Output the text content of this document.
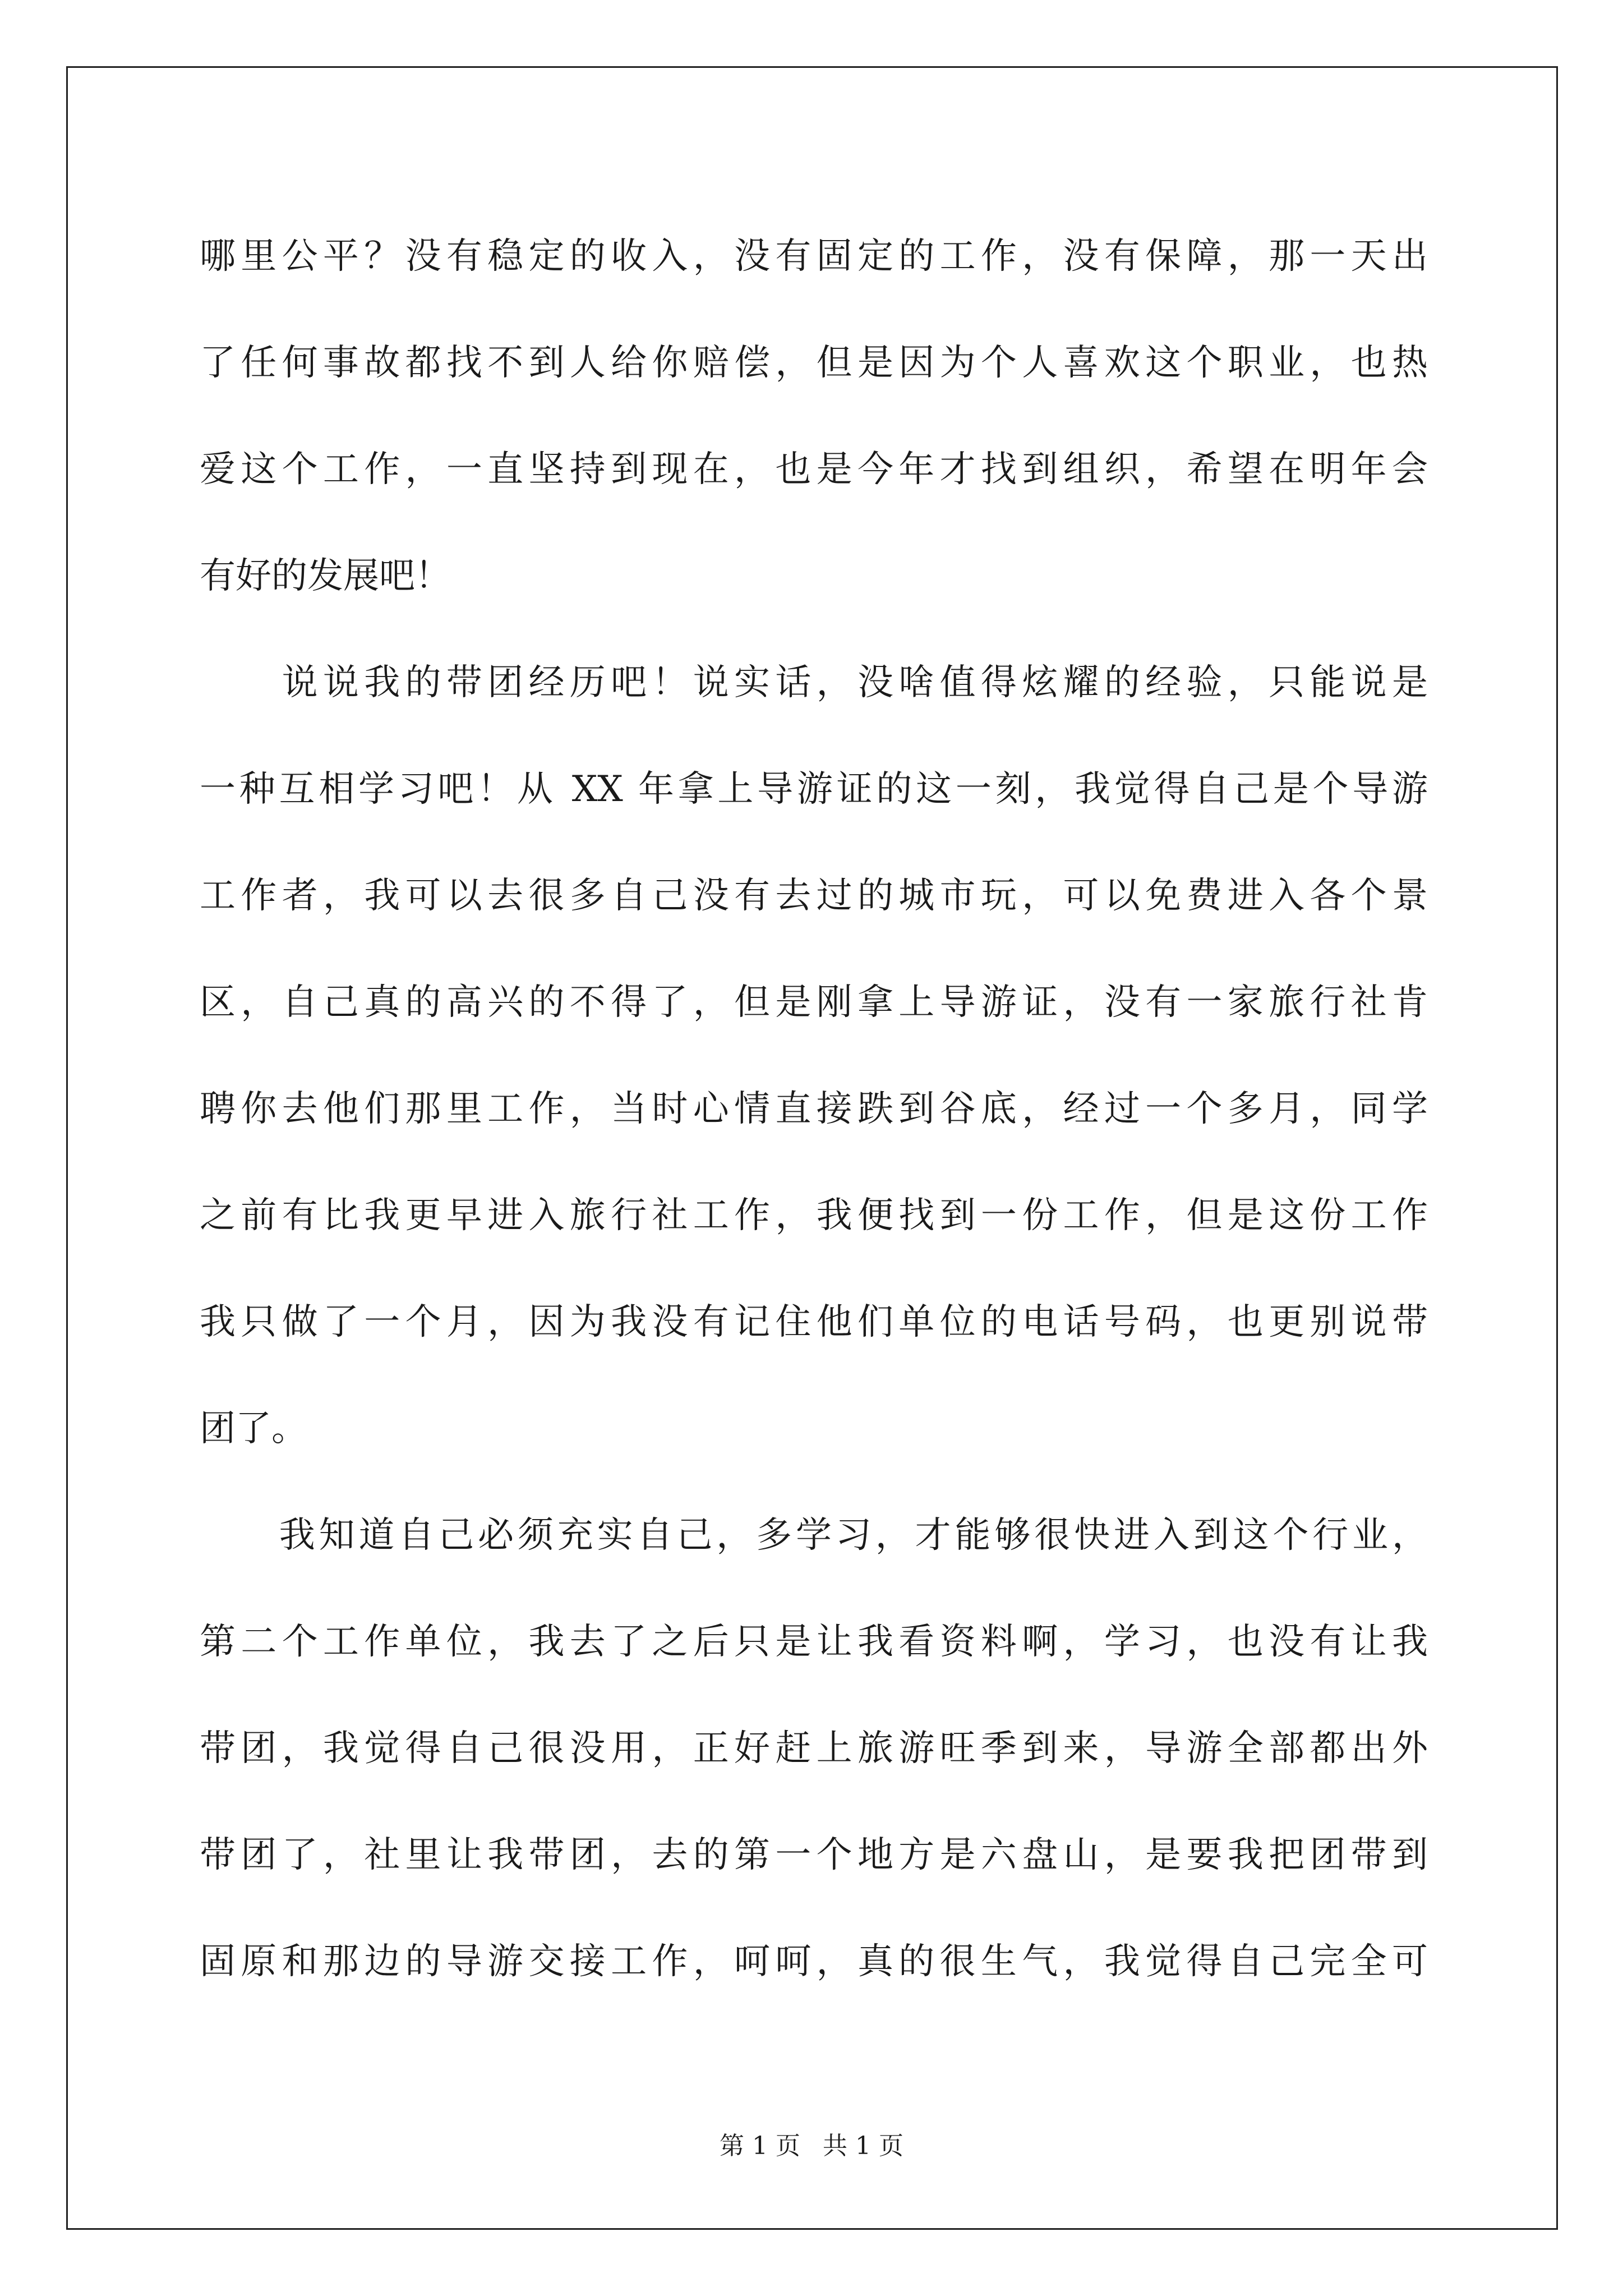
哪里公平？没有稳定的收入，没有固定的工作，没有保障，那一天出
了任何事故都找不到人给你赔偿，但是因为个人喜欢这个职业，也热
爱这个工作，一直坚持到现在，也是今年才找到组织，希望在明年会
有好的发展吧！
　　说说我的带团经历吧！说实话，没啥值得炫耀的经验，只能说是
一种互相学习吧！从 XX 年拿上导游证的这一刻，我觉得自己是个导游
工作者，我可以去很多自己没有去过的城市玩，可以免费进入各个景
区，自己真的高兴的不得了，但是刚拿上导游证，没有一家旅行社肯
聘你去他们那里工作，当时心情直接跌到谷底，经过一个多月，同学
之前有比我更早进入旅行社工作，我便找到一份工作，但是这份工作
我只做了一个月，因为我没有记住他们单位的电话号码，也更别说带
团了。
　　我知道自己必须充实自己，多学习，才能够很快进入到这个行业，
第二个工作单位，我去了之后只是让我看资料啊，学习，也没有让我
带团，我觉得自己很没用，正好赶上旅游旺季到来，导游全部都出外
带团了，社里让我带团，去的第一个地方是六盘山，是要我把团带到
固原和那边的导游交接工作，呵呵，真的很生气，我觉得自己完全可
第 1 页 共 1 页
